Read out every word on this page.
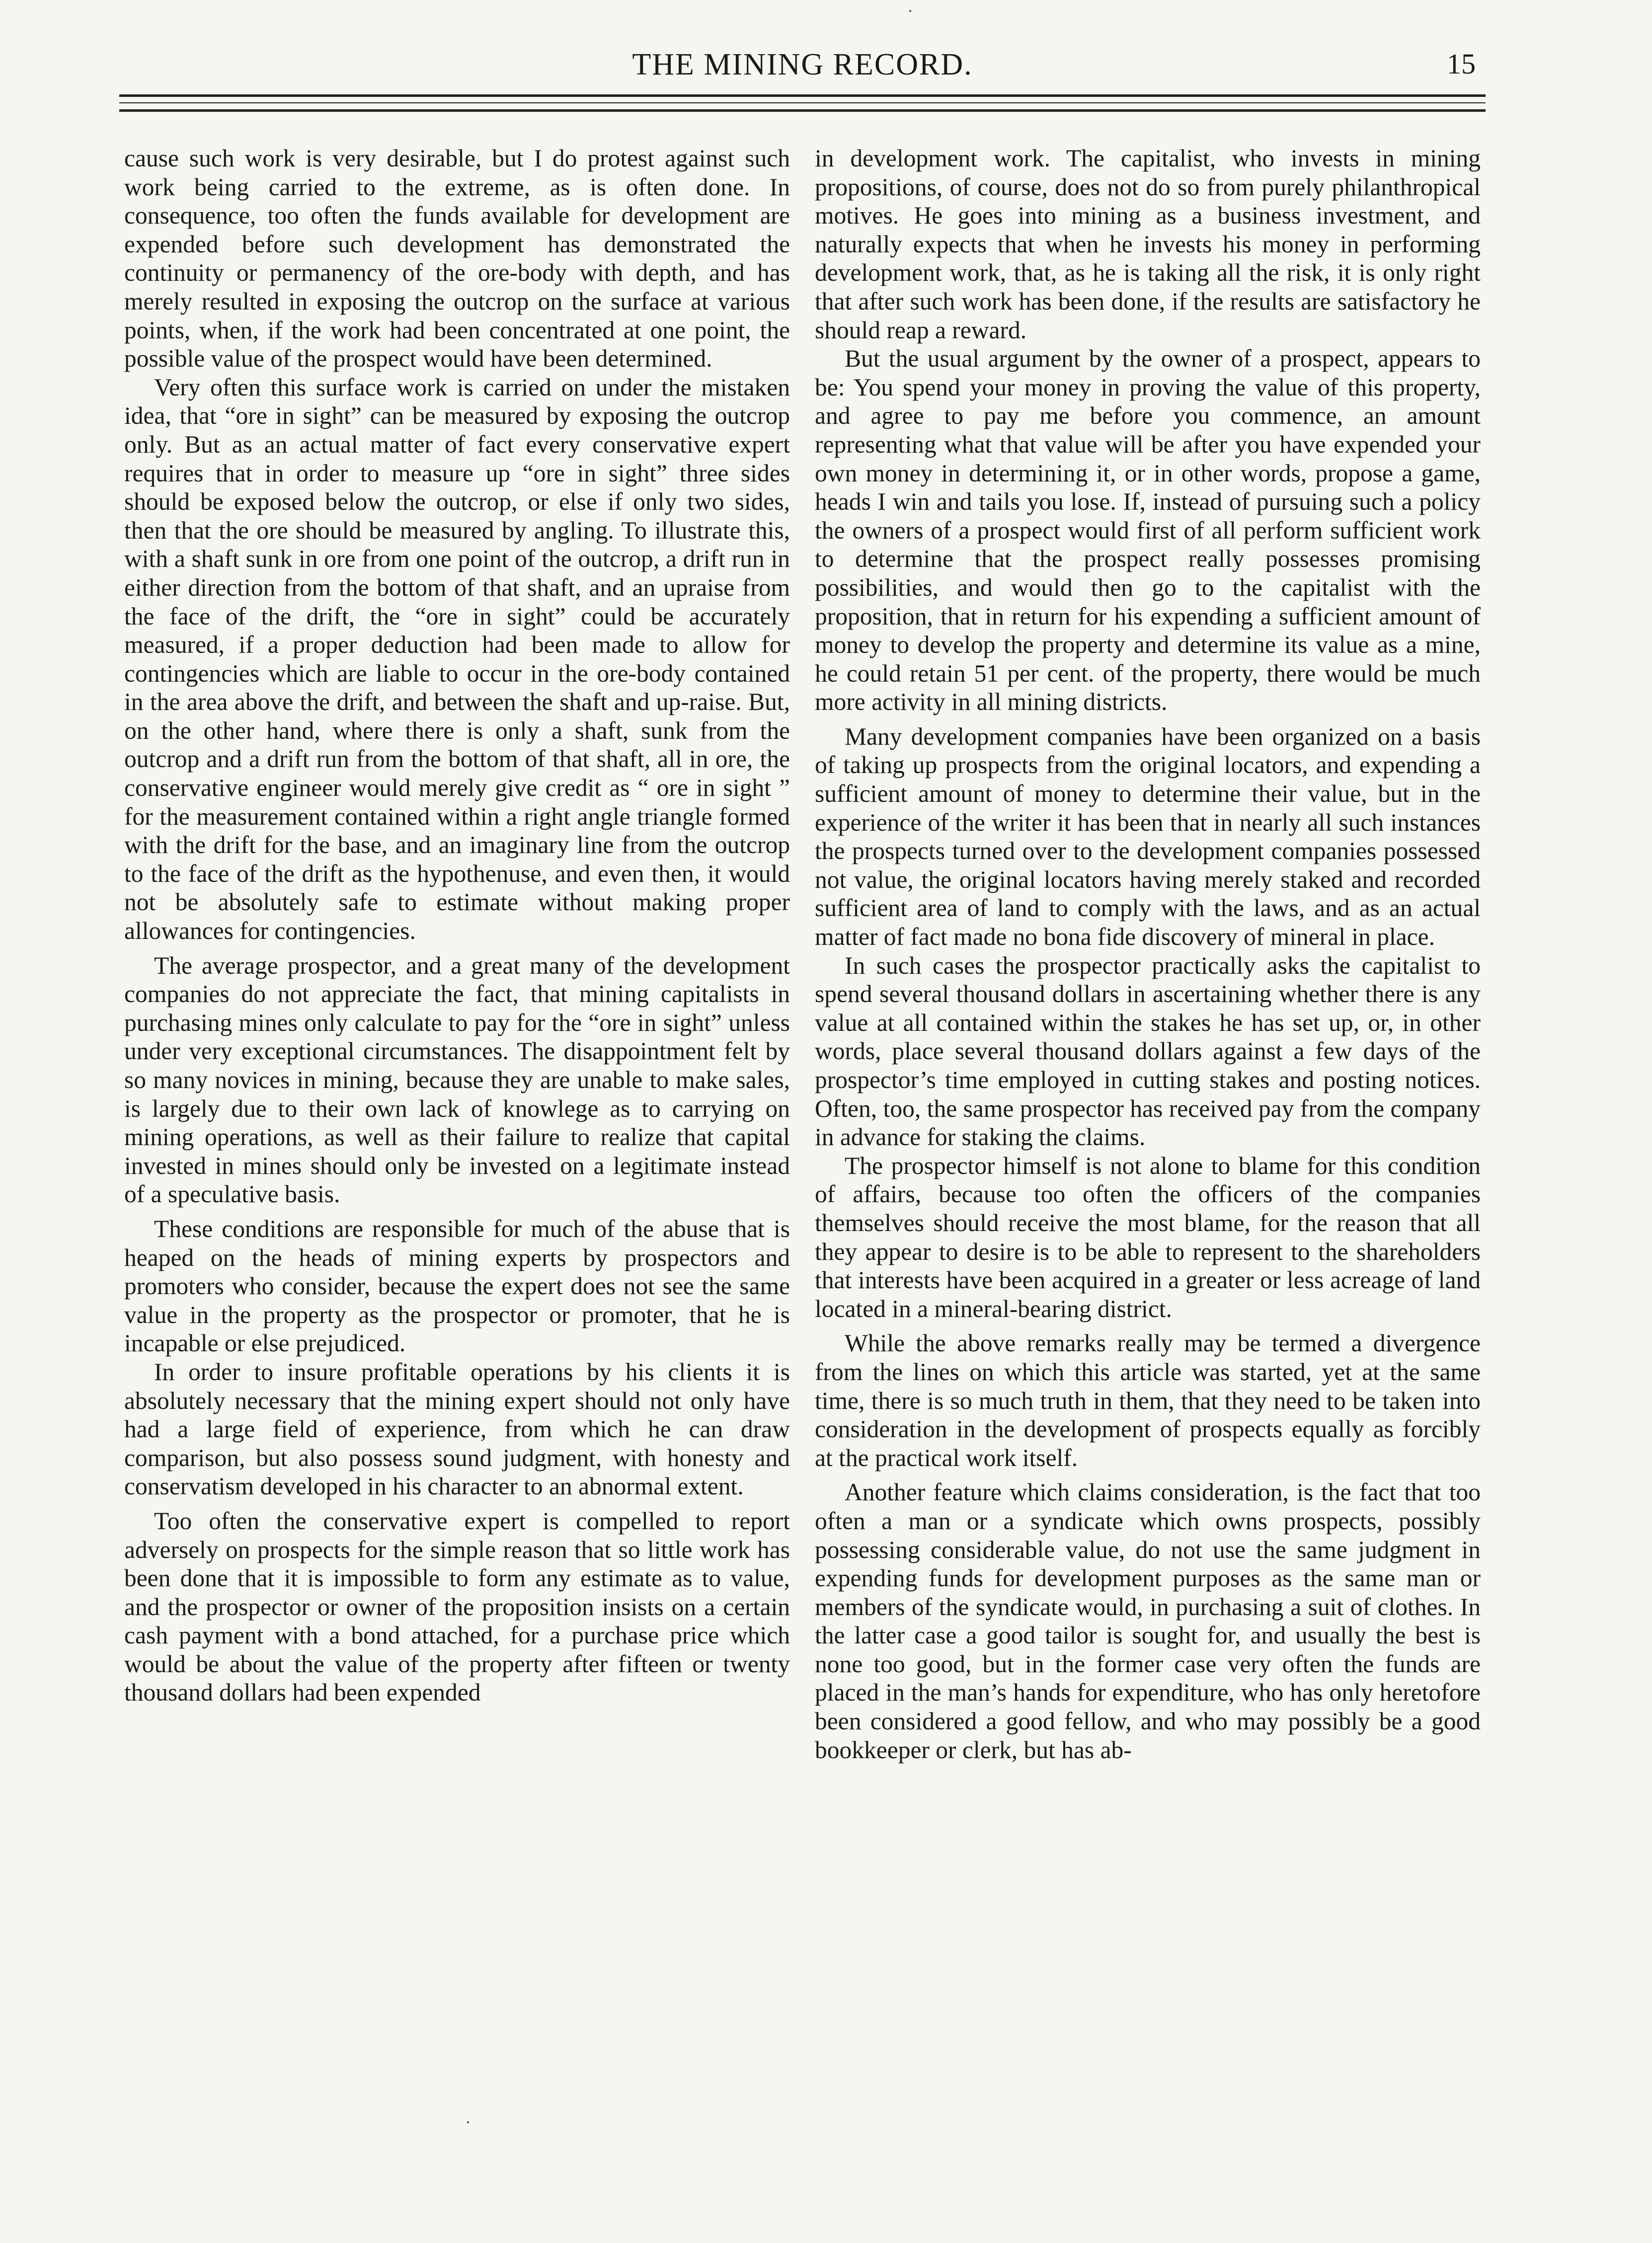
THE MINING RECORD.	15

cause such work is very desirable, but I do protest against such work being carried to the extreme, as is often done. In consequence, too often the funds available for development are expended before such development has demonstrated the continuity or permanency of the ore-body with depth, and has merely resulted in exposing the outcrop on the surface at various points, when, if the work had been concentrated at one point, the possible value of the prospect would have been determined.

Very often this surface work is carried on under the mistaken idea, that “ore in sight” can be measured by exposing the outcrop only. But as an actual matter of fact every conservative expert requires that in order to measure up “ore in sight” three sides should be exposed below the outcrop, or else if only two sides, then that the ore should be measured by angling. To illustrate this, with a shaft sunk in ore from one point of the outcrop, a drift run in either direction from the bottom of that shaft, and an upraise from the face of the drift, the “ore in sight” could be accurately measured, if a proper deduction had been made to allow for contingencies which are liable to occur in the ore-body contained in the area above the drift, and between the shaft and up-raise. But, on the other hand, where there is only a shaft, sunk from the outcrop and a drift run from the bottom of that shaft, all in ore, the conservative engineer would merely give credit as “ ore in sight ” for the measurement contained within a right angle triangle formed with the drift for the base, and an imaginary line from the outcrop to the face of the drift as the hypothenuse, and even then, it would not be absolutely safe to estimate without making proper allowances for contingencies.

The average prospector, and a great many of the development companies do not appreciate the fact, that mining capitalists in purchasing mines only calculate to pay for the “ore in sight” unless under very exceptional circumstances. The disappointment felt by so many novices in mining, because they are unable to make sales, is largely due to their own lack of knowlege as to carrying on mining operations, as well as their failure to realize that capital invested in mines should only be invested on a legitimate instead of a speculative basis.

These conditions are responsible for much of the abuse that is heaped on the heads of mining experts by prospectors and promoters who consider, because the expert does not see the same value in the property as the prospector or promoter, that he is incapable or else prejudiced.

In order to insure profitable operations by his clients it is absolutely necessary that the mining expert should not only have had a large field of experience, from which he can draw comparison, but also possess sound judgment, with honesty and conservatism developed in his character to an abnormal extent.

Too often the conservative expert is compelled to report adversely on prospects for the simple reason that so little work has been done that it is impossible to form any estimate as to value, and the prospector or owner of the proposition insists on a certain cash payment with a bond attached, for a purchase price which would be about the value of the property after fifteen or twenty thousand dollars had been expended

in development work. The capitalist, who invests in mining propositions, of course, does not do so from purely philanthropical motives. He goes into mining as a business investment, and naturally expects that when he invests his money in performing development work, that, as he is taking all the risk, it is only right that after such work has been done, if the results are satisfactory he should reap a reward.

But the usual argument by the owner of a prospect, appears to be: You spend your money in proving the value of this property, and agree to pay me before you commence, an amount representing what that value will be after you have expended your own money in determining it, or in other words, propose a game, heads I win and tails you lose. If, instead of pursuing such a policy the owners of a prospect would first of all perform sufficient work to determine that the prospect really possesses promising possibilities, and would then go to the capitalist with the proposition, that in return for his expending a sufficient amount of money to develop the property and determine its value as a mine, he could retain 51 per cent. of the property, there would be much more activity in all mining districts.

Many development companies have been organized on a basis of taking up prospects from the original locators, and expending a sufficient amount of money to determine their value, but in the experience of the writer it has been that in nearly all such instances the prospects turned over to the development companies possessed not value, the original locators having merely staked and recorded sufficient area of land to comply with the laws, and as an actual matter of fact made no bona fide discovery of mineral in place.

In such cases the prospector practically asks the capitalist to spend several thousand dollars in ascertaining whether there is any value at all contained within the stakes he has set up, or, in other words, place several thousand dollars against a few days of the prospector’s time employed in cutting stakes and posting notices. Often, too, the same prospector has received pay from the company in advance for staking the claims.

The prospector himself is not alone to blame for this condition of affairs, because too often the officers of the companies themselves should receive the most blame, for the reason that all they appear to desire is to be able to represent to the shareholders that interests have been acquired in a greater or less acreage of land located in a mineral-bearing district.

While the above remarks really may be termed a divergence from the lines on which this article was started, yet at the same time, there is so much truth in them, that they need to be taken into consideration in the development of prospects equally as forcibly at the practical work itself.

Another feature which claims consideration, is the fact that too often a man or a syndicate which owns prospects, possibly possessing considerable value, do not use the same judgment in expending funds for development purposes as the same man or members of the syndicate would, in purchasing a suit of clothes. In the latter case a good tailor is sought for, and usually the best is none too good, but in the former case very often the funds are placed in the man’s hands for expenditure, who has only heretofore been considered a good fellow, and who may possibly be a good bookkeeper or clerk, but has ab-
